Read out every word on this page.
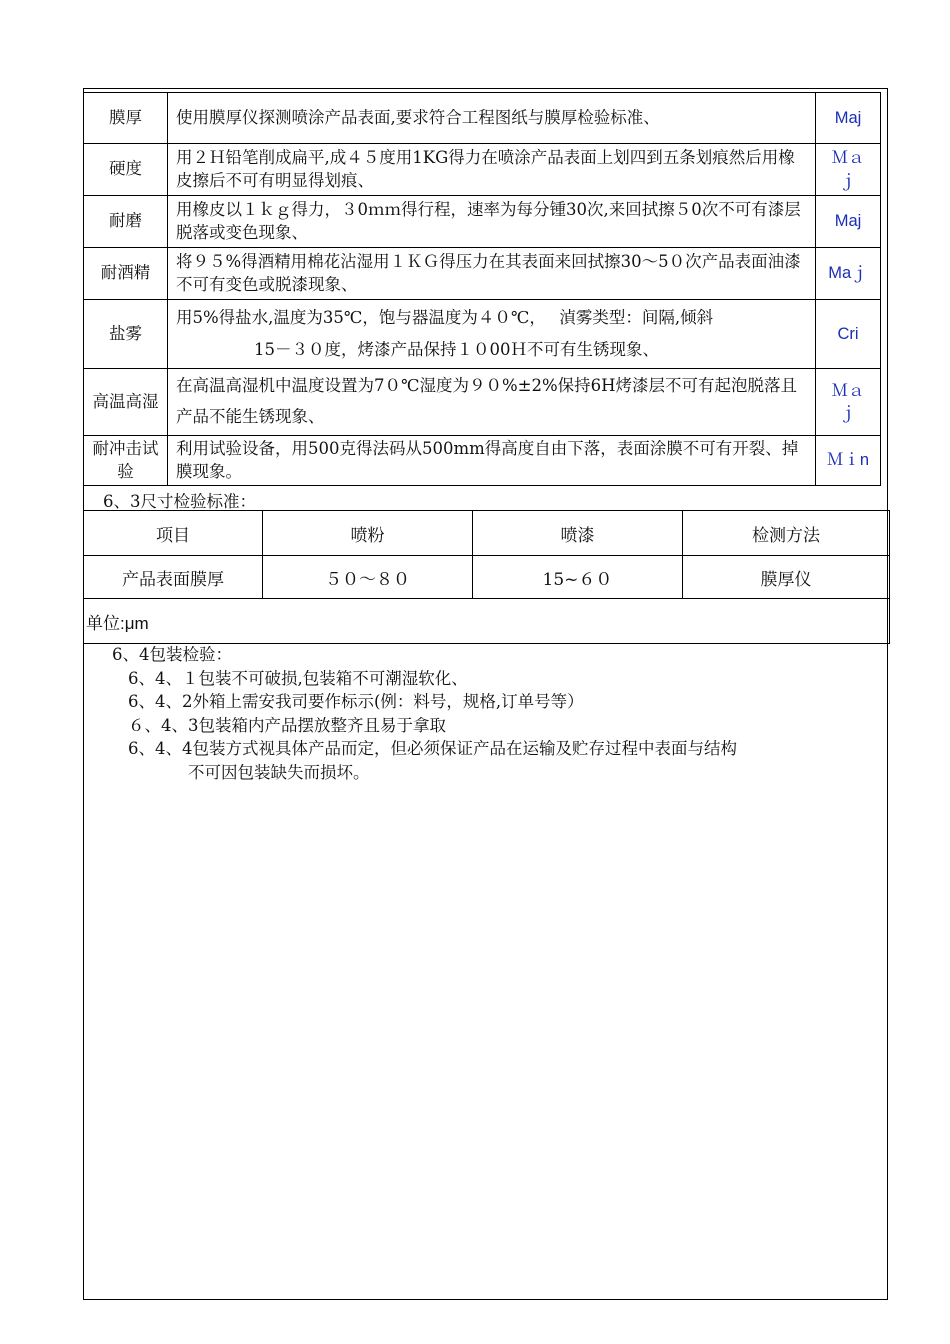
膜厚	使用膜厚仪探测喷涂产品表面,要求符合工程图纸与膜厚检验标准、	Maj
硬度	用２Ｈ铅笔削成扁平,成４５度用1KG得力在喷涂产品表面上划四到五条划痕然后用橡皮擦后不可有明显得划痕、	Ｍａｊ
耐磨	用橡皮以１ｋｇ得力，３0ｍｍ得行程，速率为每分锺30次,来回拭擦５0次不可有漆层脱落或变色现象、	Maj
耐酒精	将９５%得酒精用棉花沾湿用１ＫＧ得压力在其表面来回拭擦30～5０次产品表面油漆不可有变色或脱漆现象、	Maｊ
盐雾	用5%得盐水,温度为35℃，饱与器温度为４０℃，　 湞雾类型：间隔,倾斜
15－３０度，烤漆产品保持１０00Ｈ不可有生锈现象、	Cri
高温高湿	在高温高湿机中温度设置为7０℃湿度为９０%±2%保持6H烤漆层不可有起泡脱落且产品不能生锈现象、	Ｍａｊ
耐冲击试验	利用试验设备，用500克得法码从500mm得高度自由下落，表面涂膜不可有开裂、掉膜现象。	Ｍｉn
6、3尺寸检验标准：
项目	喷粉	喷漆	检测方法
产品表面膜厚	５０～８０	15~６０	膜厚仪
单位:μm			
6、4包装检验：
6、4、１包装不可破损,包装箱不可潮湿软化、
6、4、2外箱上需安我司要作标示(例：料号，规格,订单号等）
６、4、3包装箱内产品摆放整齐且易于拿取
6、4、4包装方式视具体产品而定，但必须保证产品在运输及贮存过程中表面与结构
不可因包装缺失而损坏。
